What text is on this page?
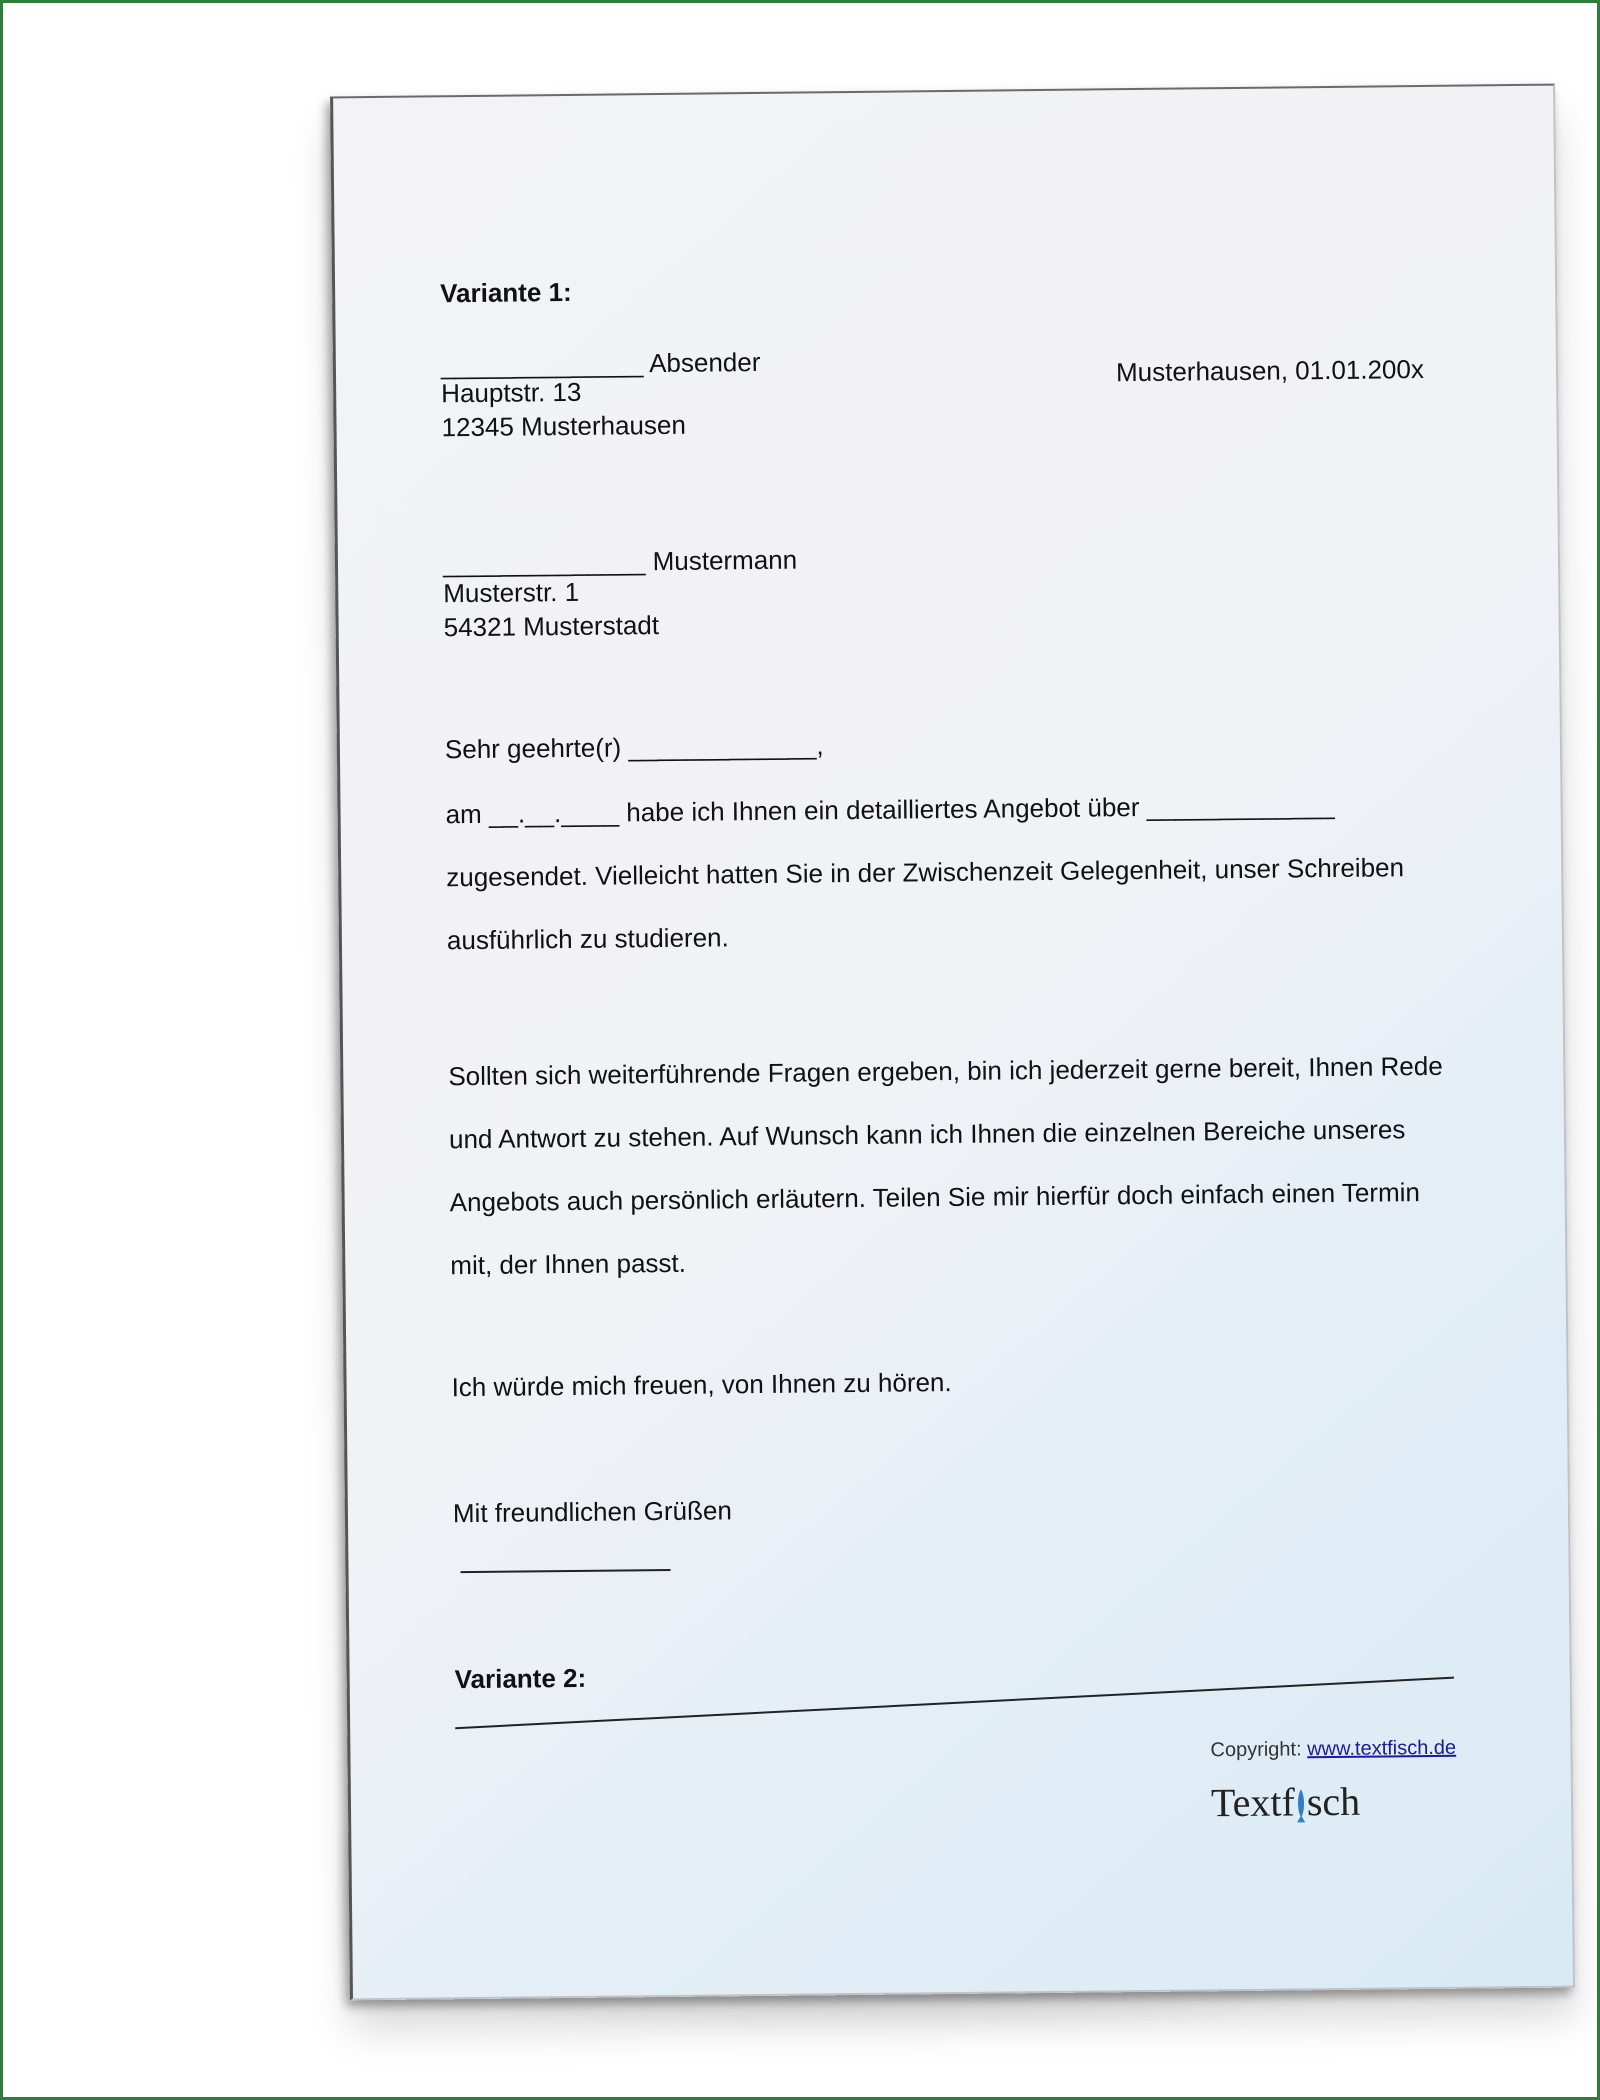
Variante 1:
______________ Absender
Hauptstr. 13
12345 Musterhausen
Musterhausen, 01.01.200x
______________ Mustermann
Musterstr. 1
54321 Musterstadt
Sehr geehrte(r) _____________,
am __.__.____ habe ich Ihnen ein detailliertes Angebot über _____________
zugesendet. Vielleicht hatten Sie in der Zwischenzeit Gelegenheit, unser Schreiben
ausführlich zu studieren.
Sollten sich weiterführende Fragen ergeben, bin ich jederzeit gerne bereit, Ihnen Rede
und Antwort zu stehen. Auf Wunsch kann ich Ihnen die einzelnen Bereiche unseres
Angebots auch persönlich erläutern. Teilen Sie mir hierfür doch einfach einen Termin
mit, der Ihnen passt.
Ich würde mich freuen, von Ihnen zu hören.
Mit freundlichen Grüßen
Variante 2:
Copyright: www.textfisch.de
Textf sch
